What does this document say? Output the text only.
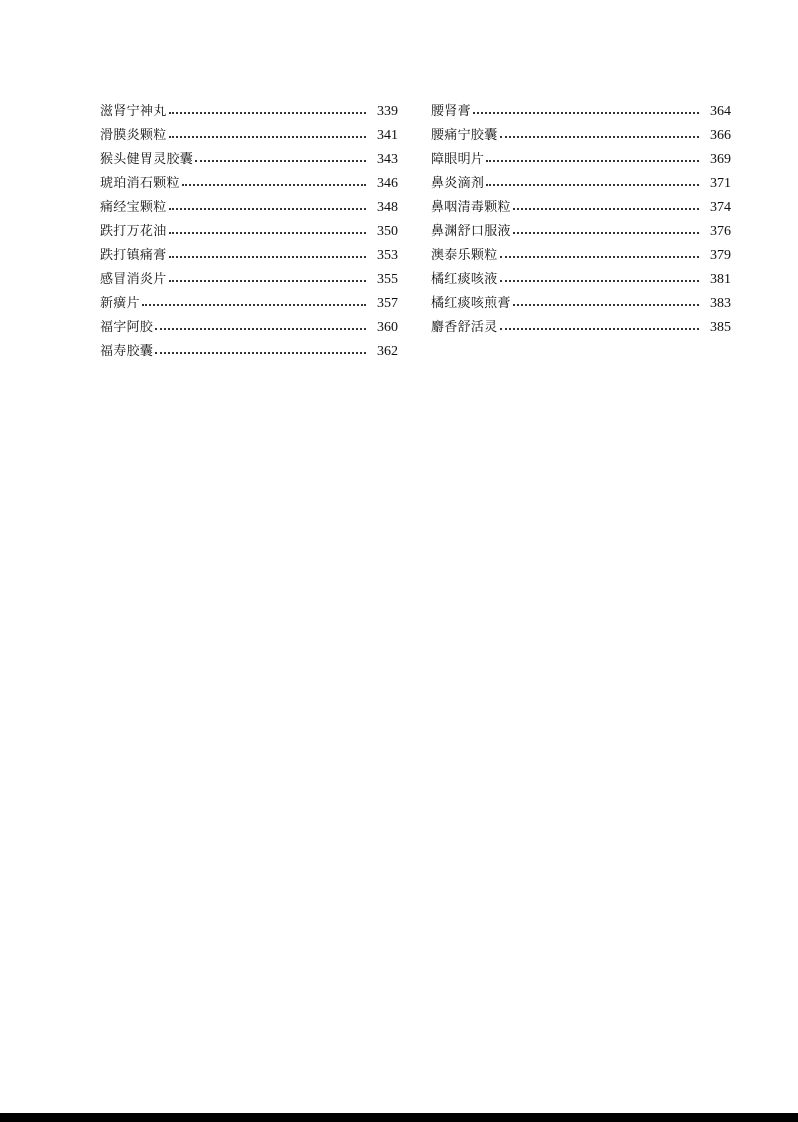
滋肾宁神丸	339
滑膜炎颗粒	341
猴头健胃灵胶囊	343
琥珀消石颗粒	346
痛经宝颗粒	348
跌打万花油	350
跌打镇痛膏	353
感冒消炎片	355
新癀片	357
福字阿胶	360
福寿胶囊	362
腰肾膏	364
腰痛宁胶囊	366
障眼明片	369
鼻炎滴剂	371
鼻咽清毒颗粒	374
鼻渊舒口服液	376
澳泰乐颗粒	379
橘红痰咳液	381
橘红痰咳煎膏	383
麝香舒活灵	385
